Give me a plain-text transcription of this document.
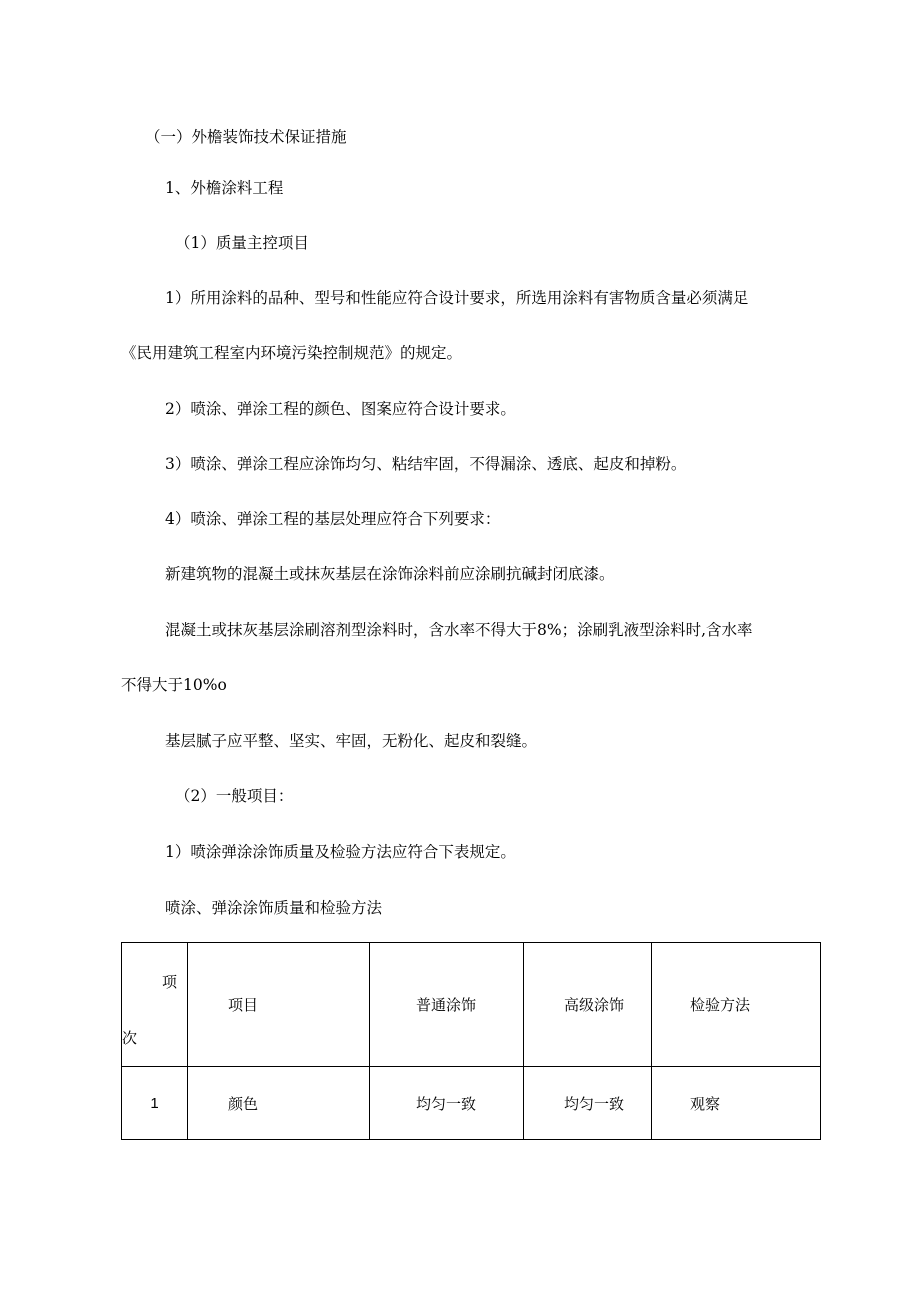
（一）外檐装饰技术保证措施
1、外檐涂料工程
（1）质量主控项目
1）所用涂料的品种、型号和性能应符合设计要求，所选用涂料有害物质含量必须满足
《民用建筑工程室内环境污染控制规范》的规定。
2）喷涂、弹涂工程的颜色、图案应符合设计要求。
3）喷涂、弹涂工程应涂饰均匀、粘结牢固，不得漏涂、透底、起皮和掉粉。
4）喷涂、弹涂工程的基层处理应符合下列要求：
新建筑物的混凝土或抹灰基层在涂饰涂料前应涂刷抗碱封闭底漆。
混凝土或抹灰基层涂刷溶剂型涂料时，含水率不得大于8%；涂刷乳液型涂料时,含水率
不得大于10%o
基层腻子应平整、坚实、牢固，无粉化、起皮和裂缝。
（2）一般项目：
1）喷涂弹涂涂饰质量及检验方法应符合下表规定。
喷涂、弹涂涂饰质量和检验方法
项
次	项目	普通涂饰	高级涂饰	检验方法
1	颜色	均匀一致	均匀一致	观察
